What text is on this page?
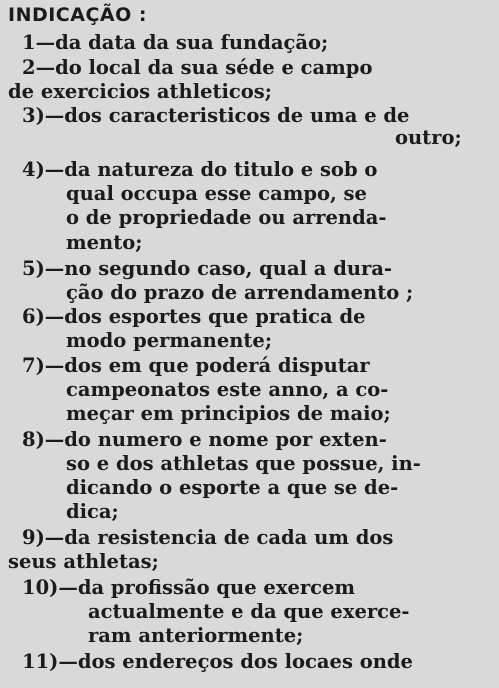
INDICAÇÃO :
1—da data da sua fundação;
2—do local da sua séde e campo
de exercicios athleticos;
3)—dos caracteristicos de uma e de
outro;
4)—da natureza do titulo e sob o
qual occupa esse campo, se
o de propriedade ou arrenda-
mento;
5)—no segundo caso, qual a dura-
ção do prazo de arrendamento ;
6)—dos esportes que pratica de
modo permanente;
7)—dos em que poderá disputar
campeonatos este anno, a co-
meçar em principios de maio;
8)—do numero e nome por exten-
so e dos athletas que possue, in-
dicando o esporte a que se de-
dica;
9)—da resistencia de cada um dos
seus athletas;
10)—da profissão que exercem
actualmente e da que exerce-
ram anteriormente;
11)—dos endereços dos locaes onde
